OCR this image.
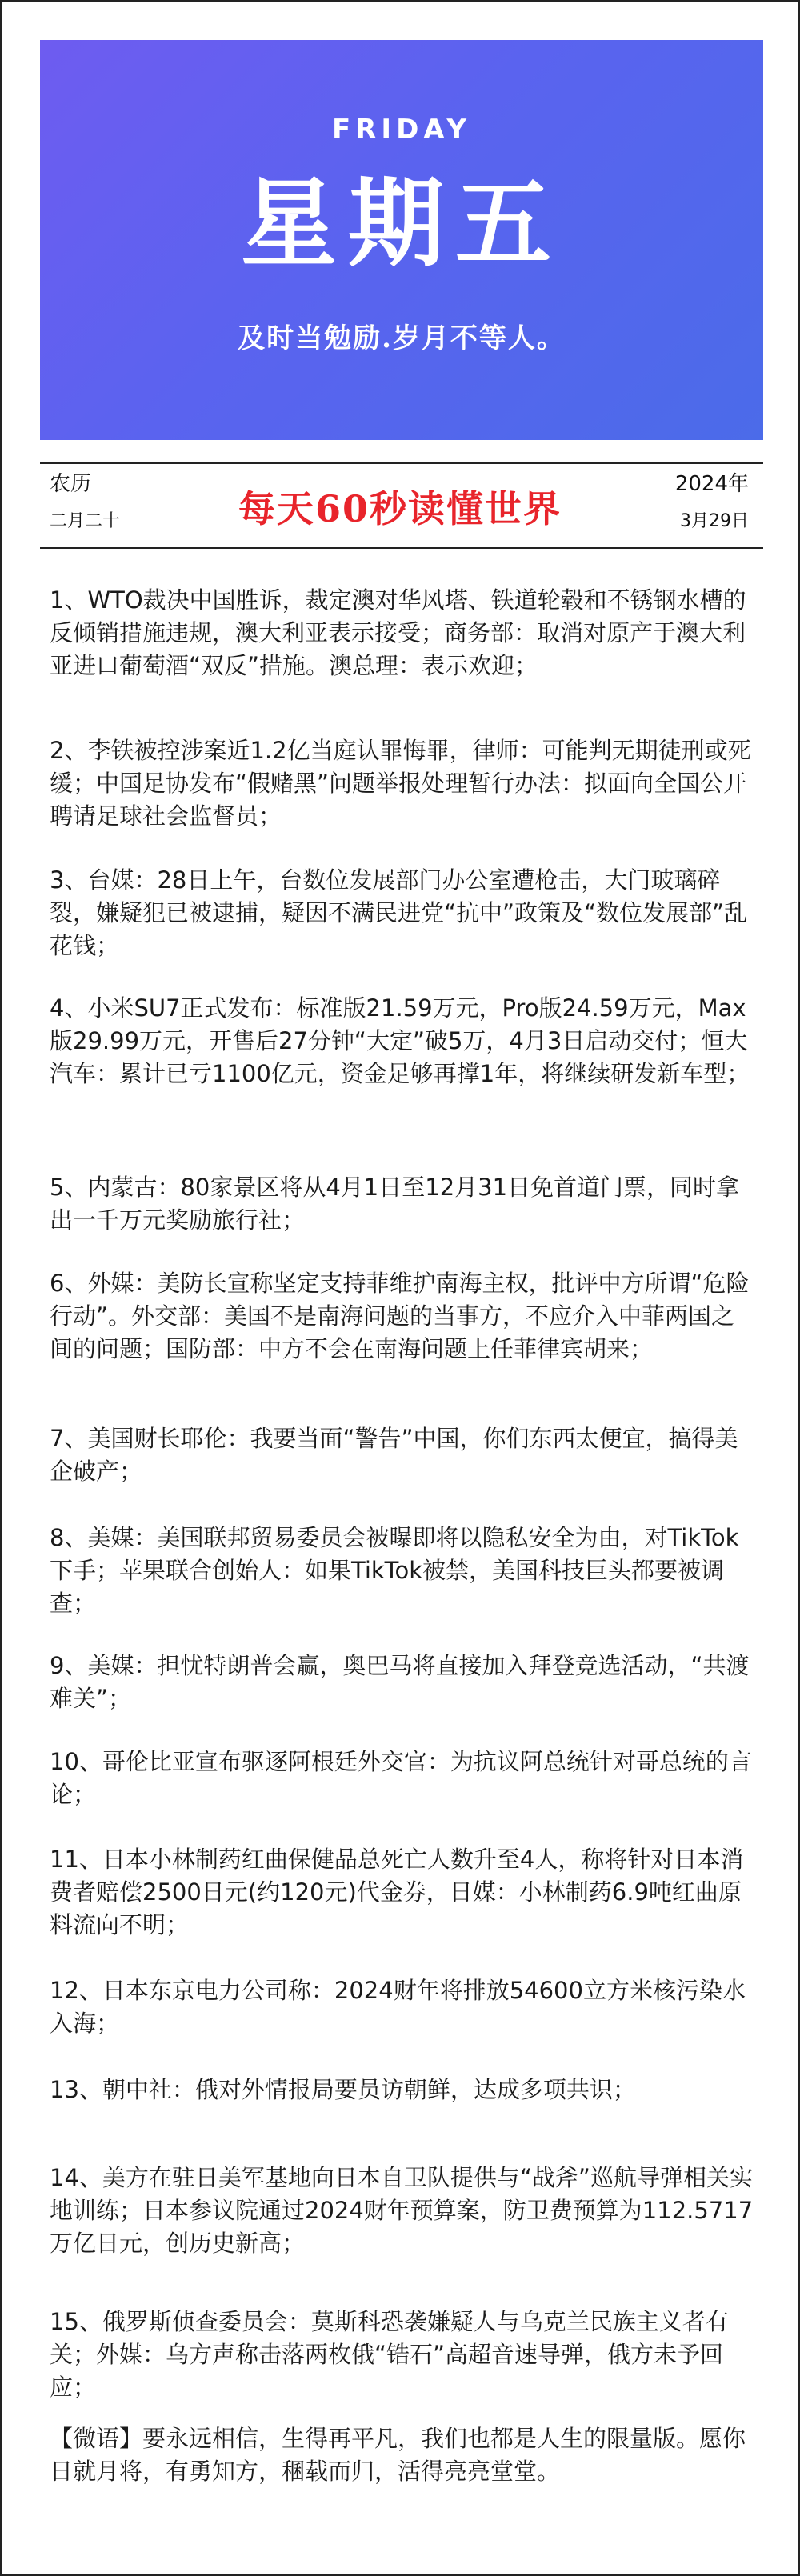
FRIDAY
星期五
及时当勉励.岁月不等人。
农历
二月二十	每天60秒读懂世界
2024年
3月29日

1、WTO裁决中国胜诉，裁定澳对华风塔、铁道轮毂和不锈钢水槽的反倾销措施违规，澳大利亚表示接受；商务部：取消对原产于澳大利亚进口葡萄酒“双反”措施。澳总理：表示欢迎；

2、李铁被控涉案近1.2亿当庭认罪悔罪，律师：可能判无期徒刑或死缓；中国足协发布“假赌黑”问题举报处理暂行办法：拟面向全国公开聘请足球社会监督员；

3、台媒：28日上午，台数位发展部门办公室遭枪击，大门玻璃碎裂，嫌疑犯已被逮捕，疑因不满民进党“抗中”政策及“数位发展部”乱花钱；

4、小米SU7正式发布：标准版21.59万元，Pro版24.59万元，Max版29.99万元，开售后27分钟“大定”破5万，4月3日启动交付；恒大汽车：累计已亏1100亿元，资金足够再撑1年，将继续研发新车型；

5、内蒙古：80家景区将从4月1日至12月31日免首道门票，同时拿出一千万元奖励旅行社；

6、外媒：美防长宣称坚定支持菲维护南海主权，批评中方所谓“危险行动”。外交部：美国不是南海问题的当事方，不应介入中菲两国之间的问题；国防部：中方不会在南海问题上任菲律宾胡来；

7、美国财长耶伦：我要当面“警告”中国，你们东西太便宜，搞得美企破产；

8、美媒：美国联邦贸易委员会被曝即将以隐私安全为由，对TikTok下手；苹果联合创始人：如果TikTok被禁，美国科技巨头都要被调查；

9、美媒：担忧特朗普会赢，奥巴马将直接加入拜登竞选活动，“共渡难关”；

10、哥伦比亚宣布驱逐阿根廷外交官：为抗议阿总统针对哥总统的言论；

11、日本小林制药红曲保健品总死亡人数升至4人，称将针对日本消费者赔偿2500日元(约120元)代金券，日媒：小林制药6.9吨红曲原料流向不明；

12、日本东京电力公司称：2024财年将排放54600立方米核污染水入海；

13、朝中社：俄对外情报局要员访朝鲜，达成多项共识；

14、美方在驻日美军基地向日本自卫队提供与“战斧”巡航导弹相关实地训练；日本参议院通过2024财年预算案，防卫费预算为112.5717万亿日元，创历史新高；

15、俄罗斯侦查委员会：莫斯科恐袭嫌疑人与乌克兰民族主义者有关；外媒：乌方声称击落两枚俄“锆石”高超音速导弹，俄方未予回应；

【微语】要永远相信，生得再平凡，我们也都是人生的限量版。愿你日就月将，有勇知方，稛载而归，活得亮亮堂堂。
